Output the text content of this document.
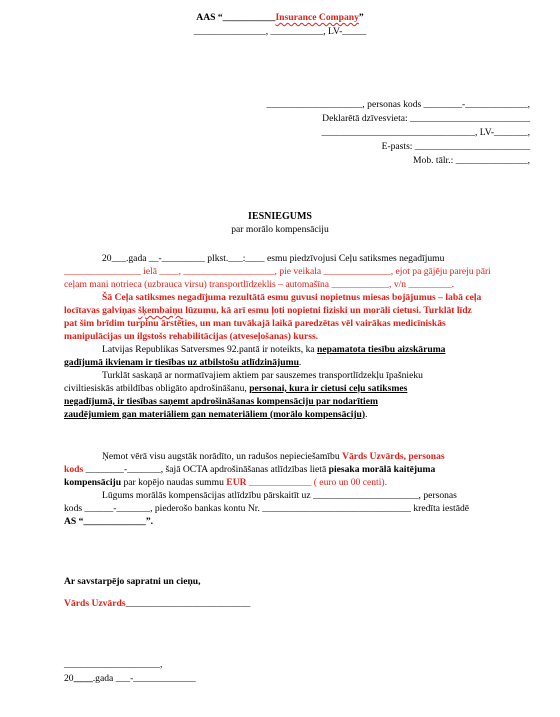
AAS “___________Insurance Company”
_______________, ___________, LV-_____
____________________, personas kods ________-_____________,
Deklarētā dzīvesvieta: _________________________
________________________________, LV-_______,
E-pasts: ________________________
Mob. tālr.: _______________,
IESNIEGUMS
par morālo kompensāciju

20___.gada __-_________ plkst.___:____ esmu piedzīvojusi Ceļu satiksmes negadījumu

________________ ielā ____, ___________________, pie veikala ______________, ejot pa gājēju pareju pāri

ceļam mani notrieca (uzbrauca virsu) transportlīdzeklis – automašīna ____________, v/n _________.

Šā Ceļa satiksmes negadījuma rezultātā esmu guvusi nopietnus miesas bojājumus – labā ceļa

locītavas galviņas šķembaiņu lūzumu, kā arī esmu ļoti nopietni fiziski un morāli cietusi. Turklāt līdz

pat šim brīdim turpinu ārstēties, un man tuvākajā laikā paredzētas vēl vairākas medicīniskās

manipulācijas un ilgstošs rehabilitācijas (atveseļošanas) kurss.

Latvijas Republikas Satversmes 92.pantā ir noteikts, ka nepamatota tiesību aizskāruma

gadījumā ikvienam ir tiesības uz atbilstošu atlīdzinājumu.

Turklāt saskaņā ar normatīvajiem aktiem par sauszemes transportlīdzekļu īpašnieku

civiltiesiskās atbildības obligāto apdrošināšanu, personai, kura ir cietusi ceļu satiksmes

negadījumā, ir tiesības saņemt apdrošināšanas kompensāciju par nodarītiem

zaudējumiem gan materiāliem gan nemateriāliem (morālo kompensāciju).

Ņemot vērā visu augstāk norādīto, un radušos nepieciešamību Vārds Uzvārds, personas

kods ________-_______, šajā OCTA apdrošināšanas atlīdzības lietā piesaka morālā kaitējuma

kompensāciju par kopējo naudas summu EUR _____________ ( euro un 00 centi).

Lūgums morālās kompensācijas atlīdzību pārskaitīt uz ______________________, personas

kods ______-_______, piederošo bankas kontu Nr. _______________________________ kredīta iestādē

AS “_____________”.

Ar savstarpējo sapratni un cieņu,
Vārds Uzvārds__________________________
____________________,
20____.gada ___-_____________
